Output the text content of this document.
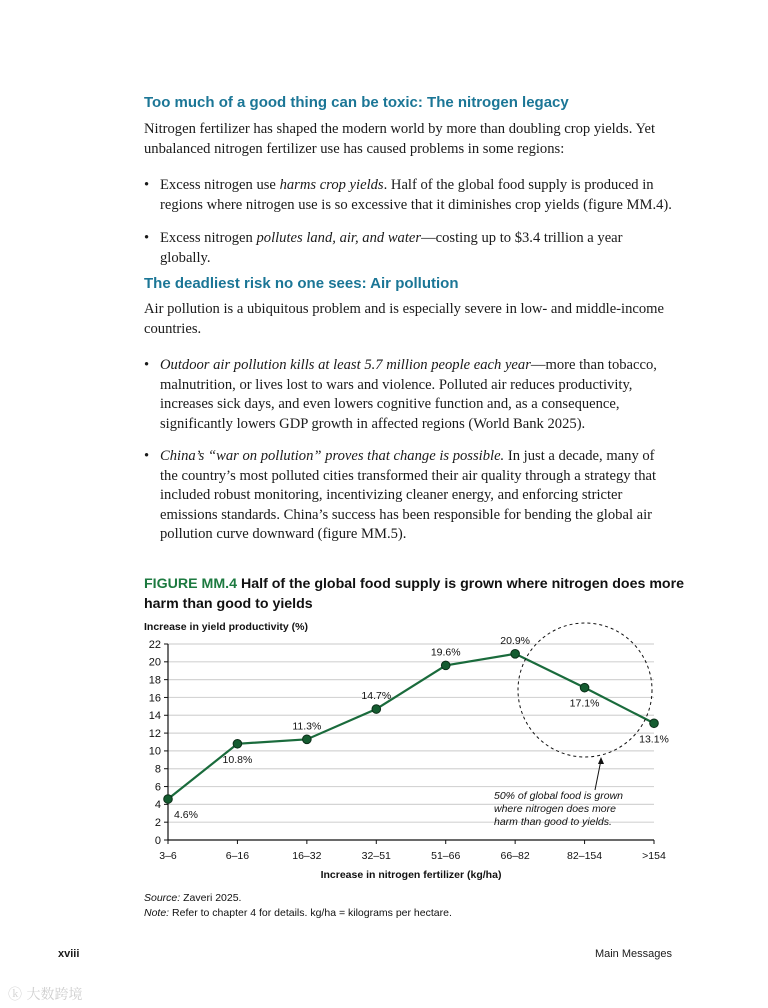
Too much of a good thing can be toxic: The nitrogen legacy

Nitrogen fertilizer has shaped the modern world by more than doubling crop yields. Yet unbalanced nitrogen fertilizer use has caused problems in some regions:

• Excess nitrogen use harms crop yields. Half of the global food supply is produced in regions where nitrogen use is so excessive that it diminishes crop yields (figure MM.4).
• Excess nitrogen pollutes land, air, and water—costing up to $3.4 trillion a year globally.
The deadliest risk no one sees: Air pollution

Air pollution is a ubiquitous problem and is especially severe in low- and middle-income countries.

• Outdoor air pollution kills at least 5.7 million people each year—more than tobacco, malnutrition, or lives lost to wars and violence. Polluted air reduces productivity, increases sick days, and even lowers cognitive function and, as a consequence, significantly lowers GDP growth in affected regions (World Bank 2025).
• China’s “war on pollution” proves that change is possible. In just a decade, many of the country’s most polluted cities transformed their air quality through a strategy that included robust monitoring, incentivizing cleaner energy, and enforcing stricter emissions standards. China’s success has been responsible for bending the global air pollution curve downward (figure MM.5).
FIGURE MM.4 Half of the global food supply is grown where nitrogen does more harm than good to yields
Increase in yield productivity (%)
0
2
4
6
8
10
12
14
16
18
20
22
3–6	6–16	16–32	32–51	51–66	66–82	82–154	>154
4.6%
10.8%
11.3%
14.7%
19.6%
20.9%
17.1%
13.1%
50% of global food is grown
where nitrogen does more
harm than good to yields.
Increase in nitrogen fertilizer (kg/ha)
Source: Zaveri 2025.
Note: Refer to chapter 4 for details. kg/ha = kilograms per hectare.
xviii	Main Messages
ⓚ 大数跨境
